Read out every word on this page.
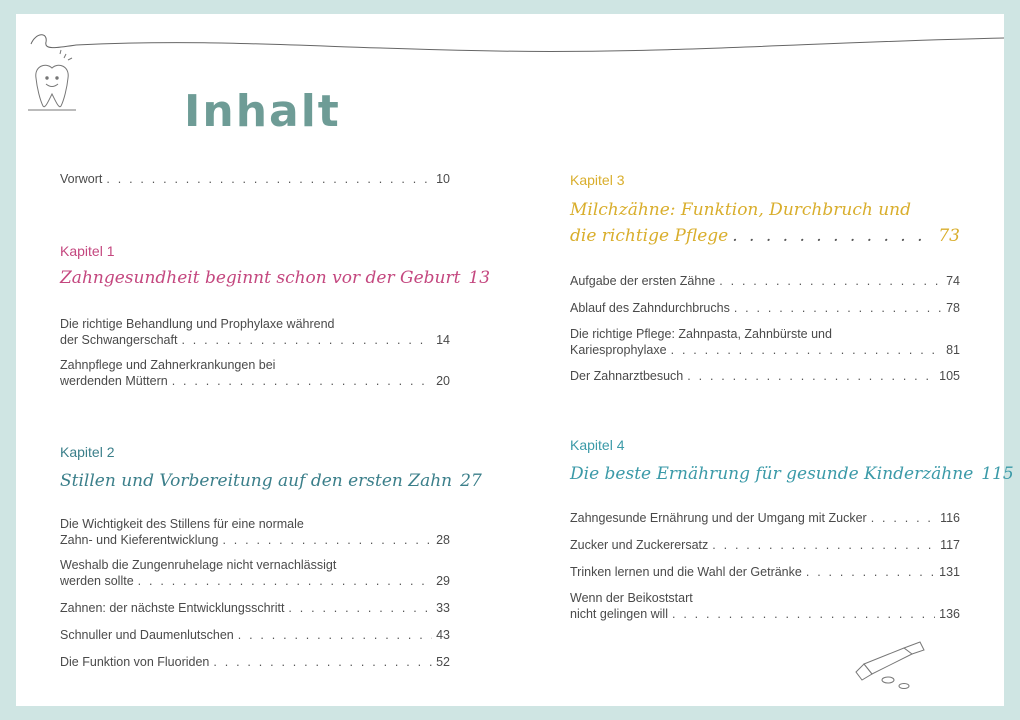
Inhalt
Vorwort . . .	10
Kapitel 1
Zahngesundheit beginnt schon vor der Geburt 13
Die richtige Behandlung und Prophylaxe während
der Schwangerschaft . . .	14
Zahnpflege und Zahnerkrankungen bei
werdenden Müttern . . .	20
Kapitel 2
Stillen und Vorbereitung auf den ersten Zahn 27
Die Wichtigkeit des Stillens für eine normale
Zahn- und Kieferentwicklung . . .	28
Weshalb die Zungenruhelage nicht vernachlässigt
werden sollte . . .	29
Zahnen: der nächste Entwicklungsschritt . . .	33
Schnuller und Daumenlutschen . . .	43
Die Funktion von Fluoriden . . .	52
Kapitel 3
Milchzähne: Funktion, Durchbruch und
die richtige Pflege . . .	73
Aufgabe der ersten Zähne . . .	74
Ablauf des Zahndurchbruchs . . .	78
Die richtige Pflege: Zahnpasta, Zahnbürste und
Kariesprophylaxe . . .	81
Der Zahnarztbesuch . . .	105
Kapitel 4
Die beste Ernährung für gesunde Kinderzähne 115
Zahngesunde Ernährung und der Umgang mit Zucker . . .	116
Zucker und Zuckerersatz . . .	117
Trinken lernen und die Wahl der Getränke . . .	131
Wenn der Beikoststart
nicht gelingen will . . .	136
